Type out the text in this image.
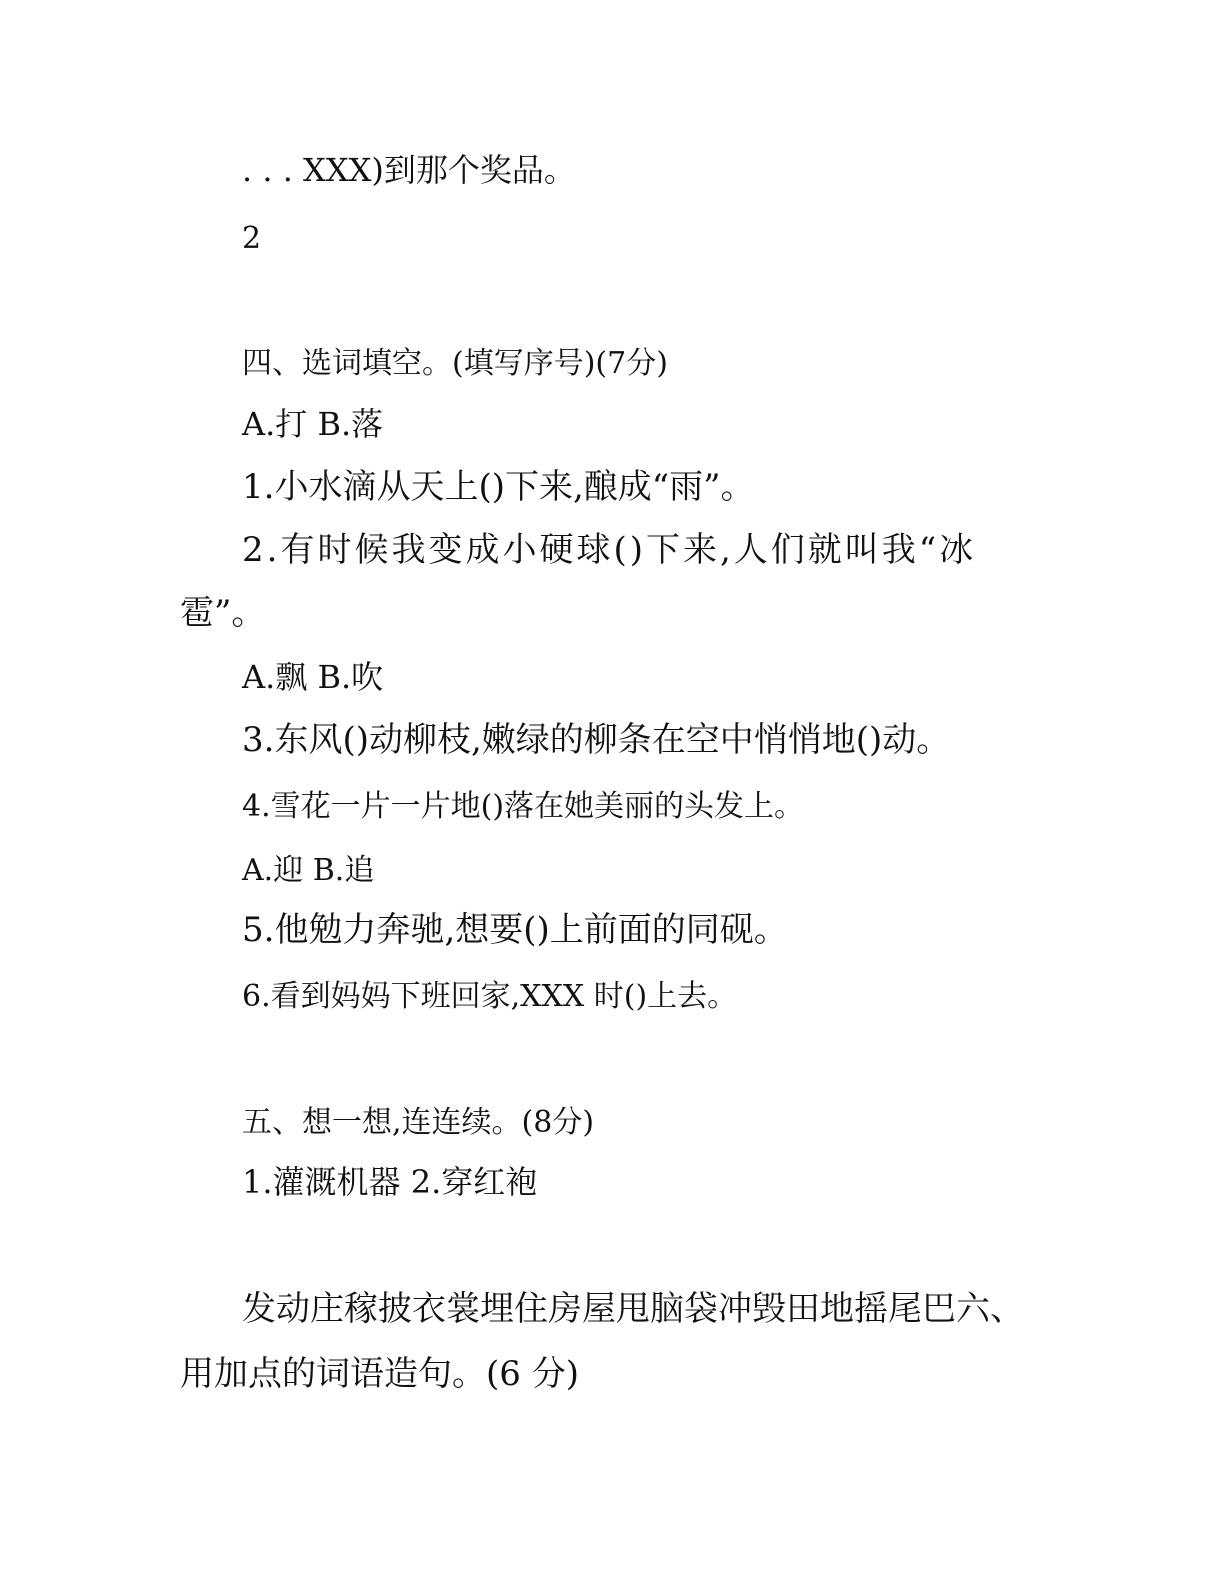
. . . XXX)到那个奖品。
2
四、选词填空。(填写序号)(7分)
A.打 B.落
1.小水滴从天上()下来,酿成“雨”。
2.有时候我变成小硬球()下来,人们就叫我“冰
雹”。
A.飘 B.吹
3.东风()动柳枝,嫩绿的柳条在空中悄悄地()动。
4.雪花一片一片地()落在她美丽的头发上。
A.迎 B.追
5.他勉力奔驰,想要()上前面的同砚。
6.看到妈妈下班回家,XXX 时()上去。
五、想一想,连连续。(8分)
1.灌溉机器 2.穿红袍
发动庄稼披衣裳埋住房屋甩脑袋冲毁田地摇尾巴六、
用加点的词语造句。(6 分)
